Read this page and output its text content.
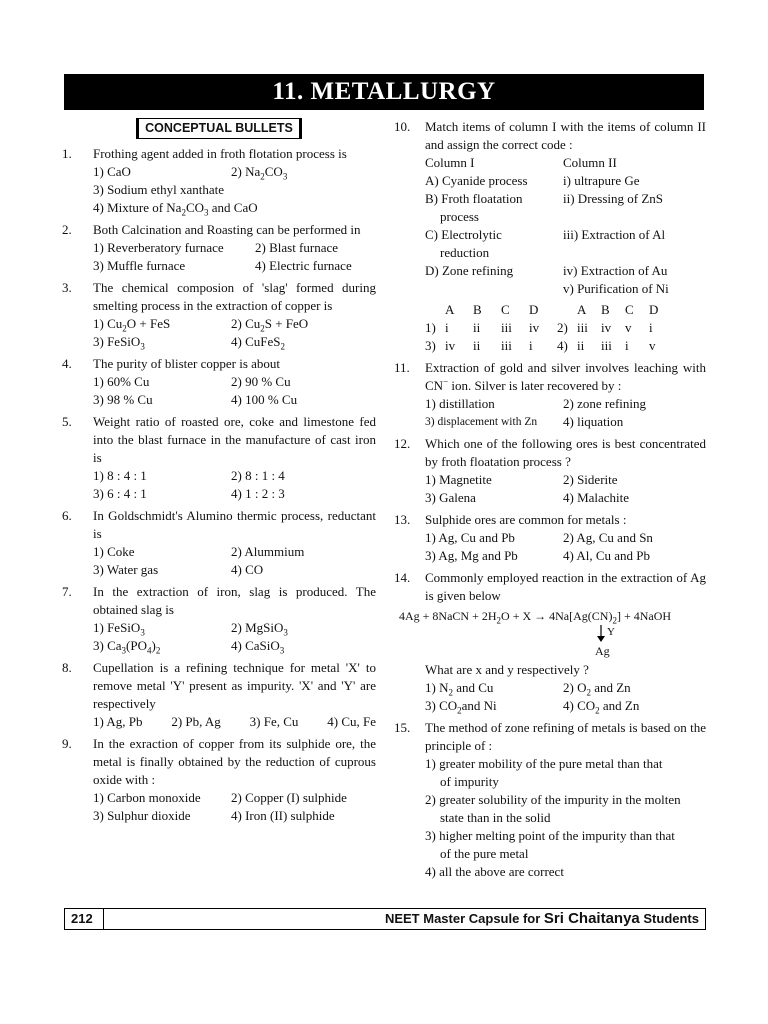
11. METALLURGY
CONCEPTUAL BULLETS
1. Frothing agent added in froth flotation process is
1) CaO	2) $Na_2CO_3$
3) Sodium ethyl xanthate
4) Mixture of $Na_2CO_3$ and CaO
2. Both Calcination and Roasting can be performed in
1) Reverberatory furnace	2) Blast furnace
3) Muffle furnace	4) Electric furnace
3. The chemical composion of 'slag' formed during smelting process in the extraction of copper is
1) $Cu_2O$ + FeS	2) $Cu_2S$ + FeO
3) FeSiO$_3$	4) CuFeS$_2$
4. The purity of blister copper is about
1) 60% Cu	2) 90 % Cu
3) 98 % Cu	4) 100 % Cu
5. Weight ratio of roasted ore, coke and limestone fed into the blast furnace in the manufacture of cast iron is
1) 8 : 4 : 1	2) 8 : 1 : 4
3) 6 : 4 : 1	4) 1 : 2 : 3
6. In Goldschmidt's Alumino thermic process, reductant is
1) Coke	2) Alummium
3) Water gas	4) CO
7. In the extraction of iron, slag is produced. The obtained slag is
1) FeSiO$_3$	2) MgSiO$_3$
3) $Ca_3(PO_4)_2$	4) CaSiO$_3$
8. Cupellation is a refining technique for metal 'X' to remove metal 'Y' present as impurity. 'X' and 'Y' are respectively
1) Ag, Pb 2) Pb, Ag 3) Fe, Cu 4) Cu, Fe
9. In the exraction of copper from its sulphide ore, the metal is finally obtained by the reduction of cuprous oxide with :
1) Carbon monoxide	2) Copper (I) sulphide
3) Sulphur dioxide	4) Iron (II) sulphide
10. Match items of column I with the items of column II and assign the correct code :
Column I	Column II
A) Cyanide process	i) ultrapure Ge
B) Froth floatation
process
ii) Dressing of ZnS
C) Electrolytic
reduction
iii) Extraction of Al
D) Zone refining	iv) Extraction of Au
v) Purification of Ni
A	B	C	D	A	B	C	D
1) i	ii	iii	iv	2) iii	iv	v	i
3) iv	ii	iii	i	4) ii	iii	i	v
11. Extraction of gold and silver involves leaching with CN− ion. Silver is later recovered by :
1) distillation	2) zone refining
3) displacement with Zn	4) liquation
12. Which one of the following ores is best concentrated by froth floatation process ?
1) Magnetite	2) Siderite
3) Galena	4) Malachite
13. Sulphide ores are common for metals :
1) Ag, Cu and Pb	2) Ag, Cu and Sn
3) Ag, Mg and Pb	4) Al, Cu and Pb
14. Commonly employed reaction in the extraction of Ag is given below
4Ag + 8NaCN + $2H_2O + X \to 4Na[Ag(CN)_2]$ + 4NaOH
Y
Ag
What are x and y respectively ?
1) $N_2$ and Cu	2) $O_2$ and Zn
3) $CO_2and$ Ni	4) $CO_2$ and Zn
15. The method of zone refining of metals is based on the principle of :
1) greater mobility of the pure metal than that
of impurity
2) greater solubility of the impurity in the molten
state than in the solid
3) higher melting point of the impurity than that
of the pure metal
4) all the above are correct
212	NEET Master Capsule for Sri Chaitanya Students
